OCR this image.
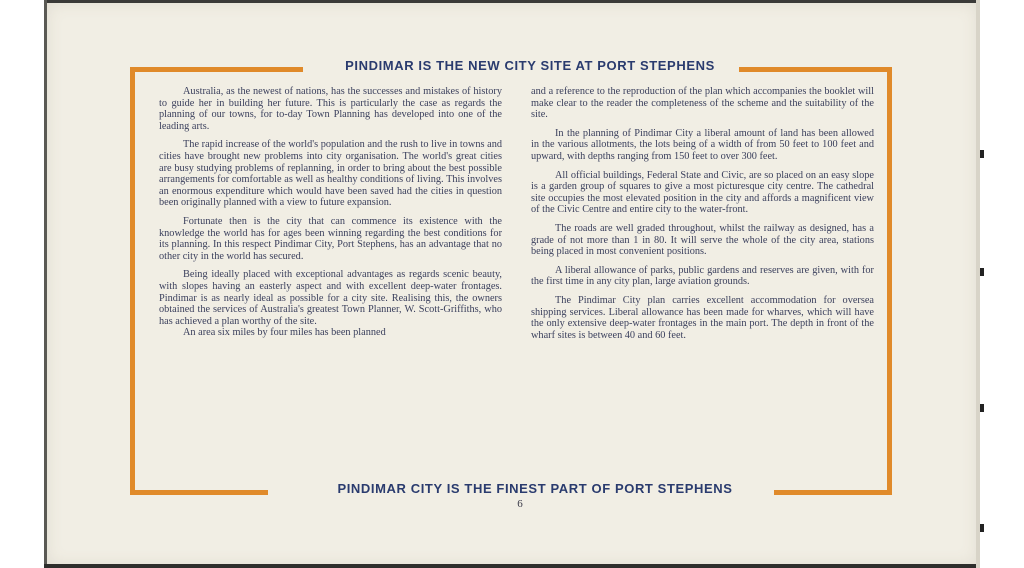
PINDIMAR IS THE NEW CITY SITE AT PORT STEPHENS

Australia, as the newest of nations, has the successes and mistakes of history to guide her in building her future. This is particularly the case as regards the planning of our towns, for to-day Town Planning has developed into one of the leading arts.

The rapid increase of the world's population and the rush to live in towns and cities have brought new problems into city organisation. The world's great cities are busy studying problems of replanning, in order to bring about the best possible arrangements for comfortable as well as healthy conditions of living. This involves an enormous expenditure which would have been saved had the cities in question been originally planned with a view to future expansion.

Fortunate then is the city that can commence its existence with the knowledge the world has for ages been winning regarding the best conditions for its planning. In this respect Pindimar City, Port Stephens, has an advantage that no other city in the world has secured.

Being ideally placed with exceptional advantages as regards scenic beauty, with slopes having an easterly aspect and with excellent deep-water frontages. Pindimar is as nearly ideal as possible for a city site. Realising this, the owners obtained the services of Australia's greatest Town Planner, W. Scott-Griffiths, who has achieved a plan worthy of the site.

An area six miles by four miles has been planned

and a reference to the reproduction of the plan which accompanies the booklet will make clear to the reader the completeness of the scheme and the suitability of the site.

In the planning of Pindimar City a liberal amount of land has been allowed in the various allotments, the lots being of a width of from 50 feet to 100 feet and upward, with depths ranging from 150 feet to over 300 feet.

All official buildings, Federal State and Civic, are so placed on an easy slope is a garden group of squares to give a most picturesque city centre. The cathedral site occupies the most elevated position in the city and affords a magnificent view of the Civic Centre and entire city to the water-front.

The roads are well graded throughout, whilst the railway as designed, has a grade of not more than 1 in 80. It will serve the whole of the city area, stations being placed in most convenient positions.

A liberal allowance of parks, public gardens and reserves are given, with for the first time in any city plan, large aviation grounds.

The Pindimar City plan carries excellent accommodation for oversea shipping services. Liberal allowance has been made for wharves, which will have the only extensive deep-water frontages in the main port. The depth in front of the wharf sites is between 40 and 60 feet.

PINDIMAR CITY IS THE FINEST PART OF PORT STEPHENS
6
